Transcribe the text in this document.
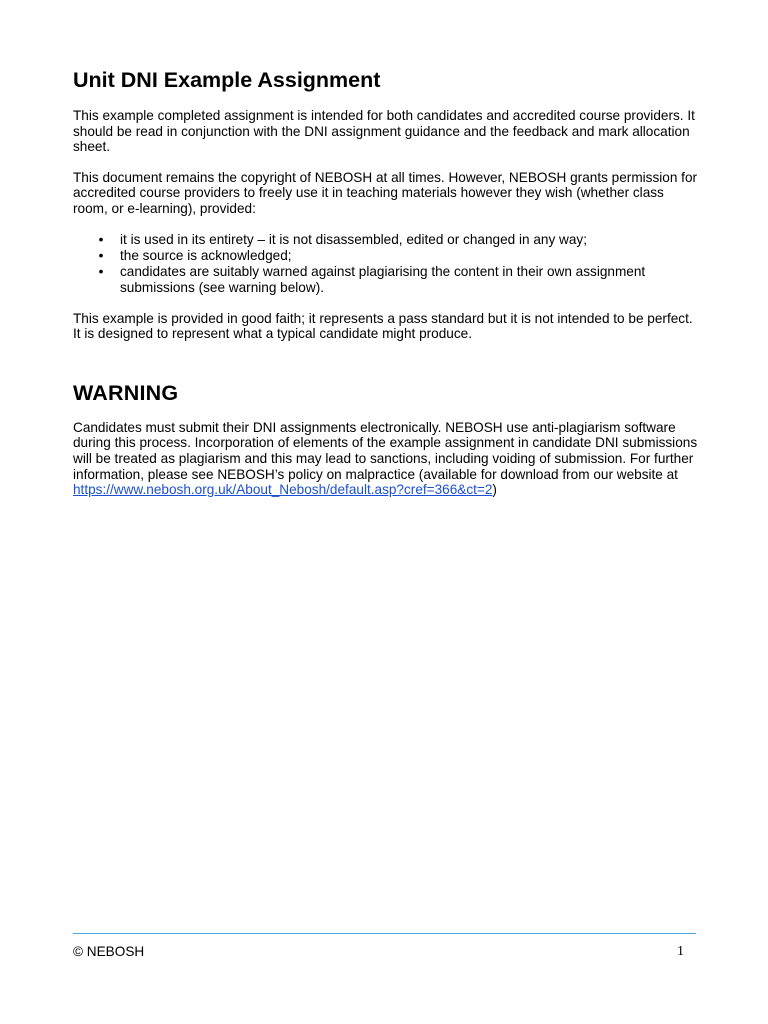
Unit DNI Example Assignment

This example completed assignment is intended for both candidates and accredited course providers. It should be read in conjunction with the DNI assignment guidance and the feedback and mark allocation sheet.

This document remains the copyright of NEBOSH at all times. However, NEBOSH grants permission for accredited course providers to freely use it in teaching materials however they wish (whether class room, or e-learning), provided:

• it is used in its entirety – it is not disassembled, edited or changed in any way;
• the source is acknowledged;
• candidates are suitably warned against plagiarising the content in their own assignment submissions (see warning below).

This example is provided in good faith; it represents a pass standard but it is not intended to be perfect. It is designed to represent what a typical candidate might produce.

WARNING

Candidates must submit their DNI assignments electronically. NEBOSH use anti-plagiarism software during this process. Incorporation of elements of the example assignment in candidate DNI submissions will be treated as plagiarism and this may lead to sanctions, including voiding of submission. For further information, please see NEBOSH’s policy on malpractice (available for download from our website at
https://www.nebosh.org.uk/About_Nebosh/default.asp?cref=366&ct=2)

© NEBOSH	1
